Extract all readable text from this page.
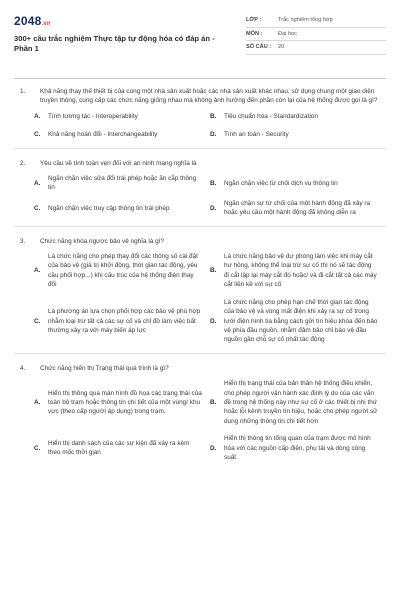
2048.vn
300+ câu trắc nghiệm Thực tập tự động hóa có đáp án - Phần 1
LỚP :	Trắc nghiệm tổng hợp
MÔN :	Đại học
SỐ CÂU :	20
1.	Khả năng thay thế thiết bị của cùng một nhà sản xuất hoặc các nhà sản xuất khác nhau, sử dụng chung một giao diện truyền thông, cung cấp các chức năng giống nhau mà không ảnh hưởng đến phần còn lại của hệ thống được gọi là gì?
A.	Tính tương tác - Interoperability	B.	Tiêu chuẩn hóa - Standardization
C.	Khả năng hoán đổi - Interchangeability	D.	Tính an toàn - Security
2.	Yêu cầu về tính toàn vẹn đối với an ninh mạng nghĩa là
A.
Ngăn chặn việc sửa đổi trái phép hoặc ăn cắp thông tin
B.	Ngăn chặn việc từ chối dịch vụ thông tin
C.	Ngăn chặn việc truy cập thông tin trái phép	D.
Ngăn chặn sự từ chối của một hành động đã xảy ra hoặc yêu cầu một hành động đã không diễn ra
3.	Chức năng khóa ngược bảo vệ nghĩa là gì?
A.
Là chức năng cho phép thay đổi các thông số cài đặt của bảo vệ (giá trị khởi động, thời gian tác động, yêu cầu phối hợp...) khi cấu trúc của hệ thống điện thay đổi
B.
Là chức năng bảo vệ dự phòng làm việc khi máy cắt hư hỏng, không thể loại trừ sự cố thì nó sẽ tác động đi cắt lập lại máy cắt đó hoặc/ và đi cắt tất cả các máy cắt liền kề với sự cố
C.
Là phương án lựa chọn phối hợp các bảo vệ phù hợp nhằm loại trừ tất cả các sự cố và chỉ đồ làm việc bất thường xảy ra với máy biến áp lực
D.
Là chức năng cho phép hạn chế thời gian tác động của bảo vệ và vùng mất điện khi xảy ra sự cố trong lưới điện hình tia bằng cách gửi tín hiệu khóa đến bảo vệ phía đầu nguồn, nhằm đảm bảo chỉ bảo vệ đầu nguồn gần chỗ sự cố nhất tác động
4.	Chức năng hiển thị Trạng thái quá trình là gì?
A.
Hiển thị thông qua màn hình đồ họa các trạng thái của toàn bộ trạm hoặc thông tin chi tiết của một vùng/ khu vực (theo cấp người áp dụng) trong trạm.
B.
Hiển thị trạng thái của bản thân hệ thống điều khiển, cho phép người vận hành xác định lý do của các vấn đề trong hệ thống này như sự cố ở các thiết bị nhị thứ hoặc lỗi kênh truyền tín hiệu, hoặc cho phép người sử dụng những thông tin chi tiết hơn
C.
Hiển thị danh sách của các sự kiện đã xảy ra kèm theo mốc thời gian
D.
Hiển thị thông tin tổng quan của trạm được mô hình hóa với các nguồn cấp điện, phụ tải và dòng công suất
